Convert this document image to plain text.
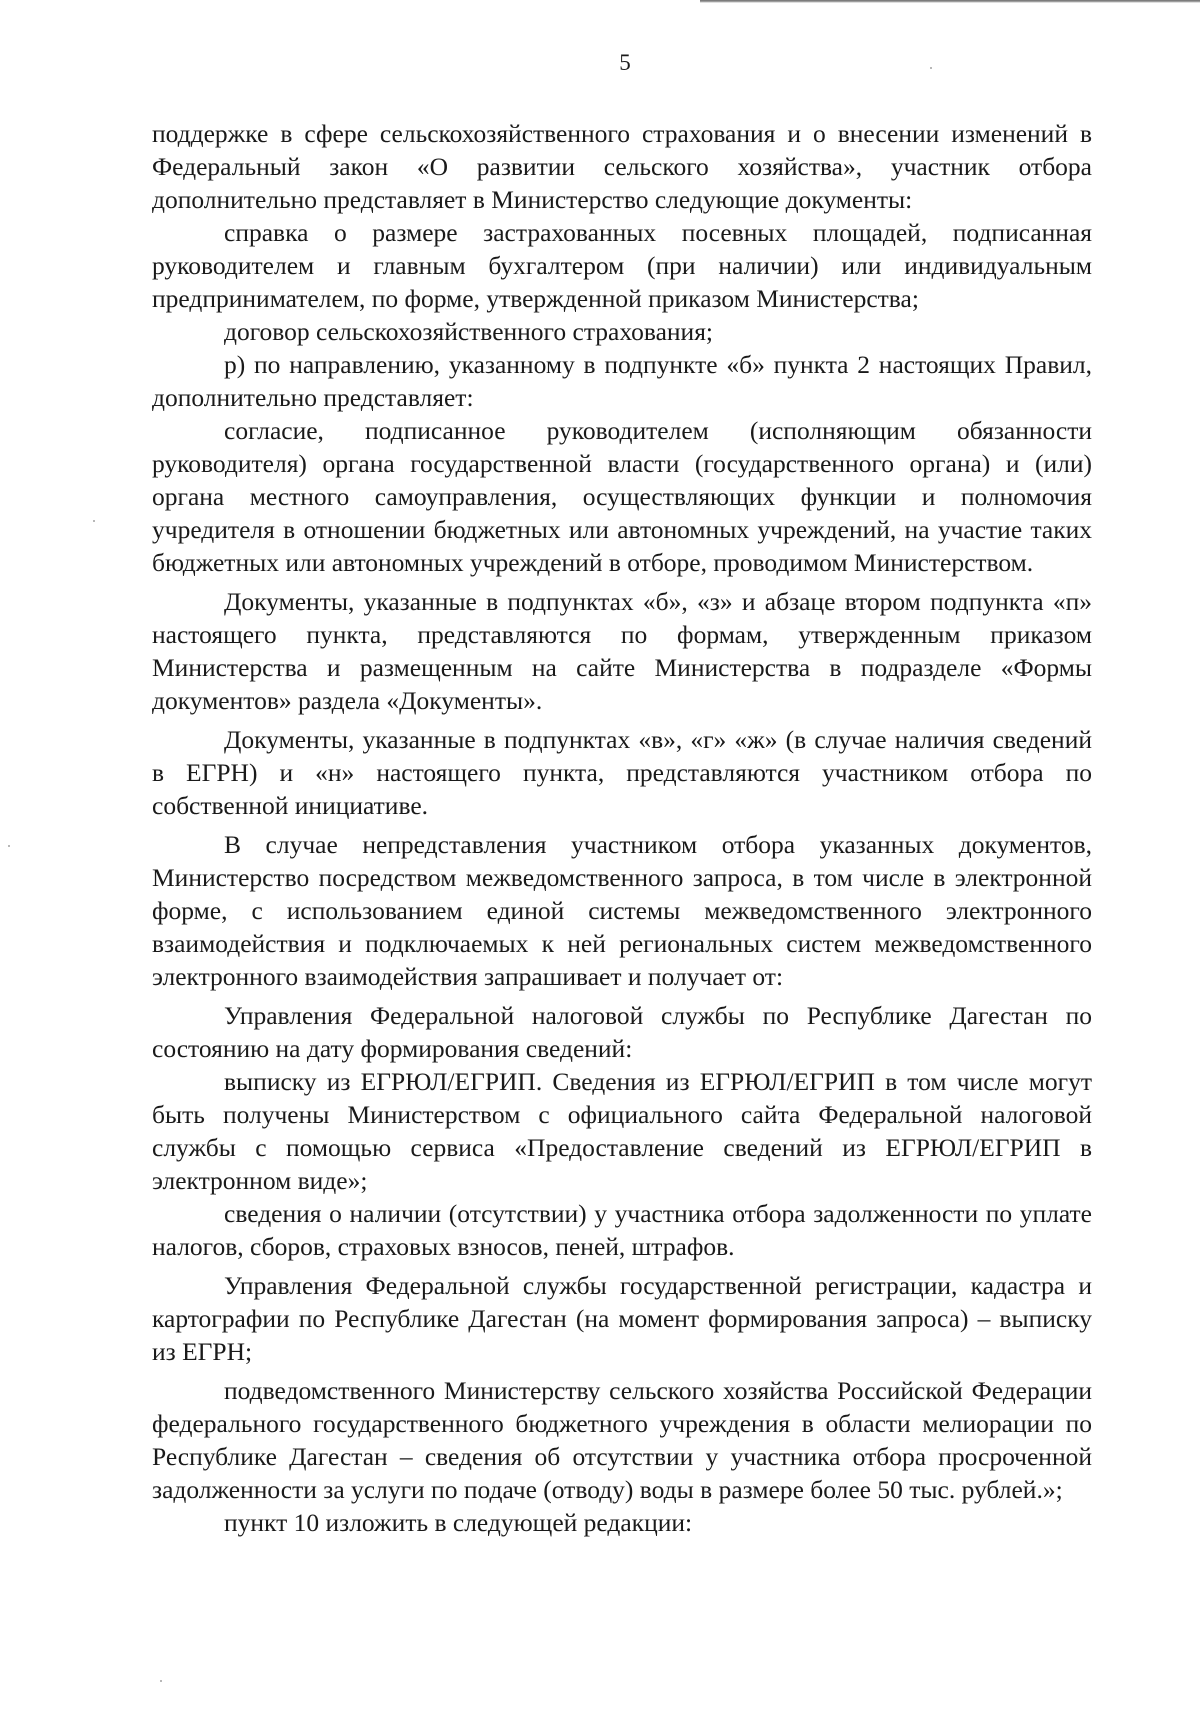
5

поддержке в сфере сельскохозяйственного страхования и о внесении изменений в Федеральный закон «О развитии сельского хозяйства», участник отбора дополнительно представляет в Министерство следующие документы:

справка о размере застрахованных посевных площадей, подписанная руководителем и главным бухгалтером (при наличии) или индивидуальным предпринимателем, по форме, утвержденной приказом Министерства;

договор сельскохозяйственного страхования;

р) по направлению, указанному в подпункте «б» пункта 2 настоящих Правил, дополнительно представляет:

согласие, подписанное руководителем (исполняющим обязанности руководителя) органа государственной власти (государственного органа) и (или) органа местного самоуправления, осуществляющих функции и полномочия учредителя в отношении бюджетных или автономных учреждений, на участие таких бюджетных или автономных учреждений в отборе, проводимом Министерством.

Документы, указанные в подпунктах «б», «з» и абзаце втором подпункта «п» настоящего пункта, представляются по формам, утвержденным приказом Министерства и размещенным на сайте Министерства в подразделе «Формы документов» раздела «Документы».

Документы, указанные в подпунктах «в», «г» «ж» (в случае наличия сведений в ЕГРН) и «н» настоящего пункта, представляются участником отбора по собственной инициативе.

В случае непредставления участником отбора указанных документов, Министерство посредством межведомственного запроса, в том числе в электронной форме, с использованием единой системы межведомственного электронного взаимодействия и подключаемых к ней региональных систем межведомственного электронного взаимодействия запрашивает и получает от:

Управления Федеральной налоговой службы по Республике Дагестан по состоянию на дату формирования сведений:

выписку из ЕГРЮЛ/ЕГРИП. Сведения из ЕГРЮЛ/ЕГРИП в том числе могут быть получены Министерством с официального сайта Федеральной налоговой службы с помощью сервиса «Предоставление сведений из ЕГРЮЛ/ЕГРИП в электронном виде»;

сведения о наличии (отсутствии) у участника отбора задолженности по уплате налогов, сборов, страховых взносов, пеней, штрафов.

Управления Федеральной службы государственной регистрации, кадастра и картографии по Республике Дагестан (на момент формирования запроса) – выписку из ЕГРН;

подведомственного Министерству сельского хозяйства Российской Федерации федерального государственного бюджетного учреждения в области мелиорации по Республике Дагестан – сведения об отсутствии у участника отбора просроченной задолженности за услуги по подаче (отводу) воды в размере более 50 тыс. рублей.»;

пункт 10 изложить в следующей редакции:
